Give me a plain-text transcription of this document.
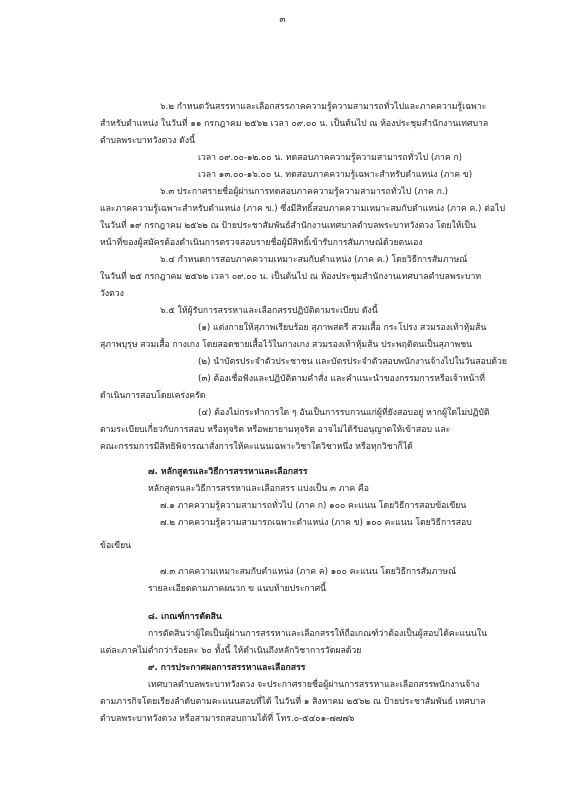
๓
๖.๒ กำหนดวันสรรหาและเลือกสรรภาคความรู้ความสามารถทั่วไปและภาคความรู้เฉพาะ
สำหรับตำแหน่ง ในวันที่ ๑๑ กรกฎาคม ๒๕๖๒ เวลา ๐๙.๐๐ น. เป็นต้นไป ณ ห้องประชุมสำนักงานเทศบาล
ตำบลพระบาทวังตวง ดังนี้
เวลา ๐๙.๐๐-๑๒.๐๐ น. ทดสอบภาคความรู้ความสามารถทั่วไป (ภาค ก)
เวลา ๑๓.๐๐-๑๖.๐๐ น. ทดสอบภาคความรู้เฉพาะสำหรับตำแหน่ง (ภาค ข)
๖.๓ ประกาศรายชื่อผู้ผ่านการทดสอบภาคความรู้ความสามารถทั่วไป (ภาค ก.)
และภาคความรู้เฉพาะสำหรับตำแหน่ง (ภาค ข.) ซึ่งมีสิทธิ์สอบภาคความเหมาะสมกับตำแหน่ง (ภาค ค.) ต่อไป
ในวันที่ ๑๙ กรกฎาคม ๒๕๖๒ ณ ป้ายประชาสัมพันธ์สำนักงานเทศบาลตำบลพระบาทวังตวง โดยให้เป็น
หน้าที่ของผู้สมัครต้องดำเนินการตรวจสอบรายชื่อผู้มีสิทธิ์เข้ารับการสัมภาษณ์ด้วยตนเอง
๖.๔ กำหนดการสอบภาคความเหมาะสมกับตำแหน่ง (ภาค ค.) โดยวิธีการสัมภาษณ์
ในวันที่ ๒๕ กรกฎาคม ๒๕๖๒ เวลา ๐๙.๐๐ น. เป็นต้นไป ณ ห้องประชุมสำนักงานเทศบาลตำบลพระบาท
วังตวง
๖.๕ ให้ผู้รับการสรรหาและเลือกสรรปฏิบัติตามระเบียบ ดังนี้
(๑) แต่งกายให้สุภาพเรียบร้อย สุภาพสตรี สวมเสื้อ กระโปรง สวมรองเท้าหุ้มส้น
สุภาพบุรุษ สวมเสื้อ กางเกง โดยสอดชายเสื้อไว้ในกางเกง สวมรองเท้าหุ้มส้น ประพฤติตนเป็นสุภาพชน
(๒) นำบัตรประจำตัวประชาชน และบัตรประจำตัวสอบพนักงานจ้างไปในวันสอบด้วย
(๓) ต้องเชื่อฟังและปฏิบัติตามคำสั่ง และคำแนะนำของกรรมการหรือเจ้าหน้าที่
ดำเนินการสอบโดยเคร่งครัด
(๔) ต้องไม่กระทำการใด ๆ อันเป็นการรบกวนแก่ผู้ที่ยังสอบอยู่ หากผู้ใดไม่ปฏิบัติ
ตามระเบียบเกี่ยวกับการสอบ หรือทุจริต หรือพยายามทุจริต อาจไม่ได้รับอนุญาตให้เข้าสอบ และ
คณะกรรมการมีสิทธิพิจารณาสั่งการให้คะแนนเฉพาะวิชาใดวิชาหนึ่ง หรือทุกวิชาก็ได้
๗. หลักสูตรและวิธีการสรรหาและเลือกสรร
หลักสูตรและวิธีการสรรหาและเลือกสรร แบ่งเป็น ๓ ภาค คือ
๗.๑ ภาคความรู้ความสามารถทั่วไป (ภาค ก) ๑๐๐ คะแนน โดยวิธีการสอบข้อเขียน
๗.๒ ภาคความรู้ความสามารถเฉพาะตำแหน่ง (ภาค ข) ๑๐๐ คะแนน โดยวิธีการสอบ
ข้อเขียน
๗.๓ ภาคความเหมาะสมกับตำแหน่ง (ภาค ค) ๑๐๐ คะแนน โดยวิธีการสัมภาษณ์
รายละเอียดตามภาคผนวก ข แนบท้ายประกาศนี้
๘. เกณฑ์การตัดสิน
การตัดสินว่าผู้ใดเป็นผู้ผ่านการสรรหาและเลือกสรรให้ถือเกณฑ์ว่าต้องเป็นผู้สอบได้คะแนนใน
แต่ละภาคไม่ต่ำกว่าร้อยละ ๖๐ ทั้งนี้ ให้ดำเนินถึงหลักวิชาการวัดผลด้วย
๙. การประกาศผลการสรรหาและเลือกสรร
เทศบาลตำบลพระบาทวังตวง จะประกาศรายชื่อผู้ผ่านการสรรหาและเลือกสรรพนักงานจ้าง
ตามภารกิจโดยเรียงลำดับตามคะแนนสอบที่ได้ ในวันที่ ๑ สิงหาคม ๒๕๖๒ ณ ป้ายประชาสัมพันธ์ เทศบาล
ตำบลพระบาทวังตวง หรือสามารถสอบถามได้ที่ โทร.๐-๕๔๐๑-๗๗๗๖
